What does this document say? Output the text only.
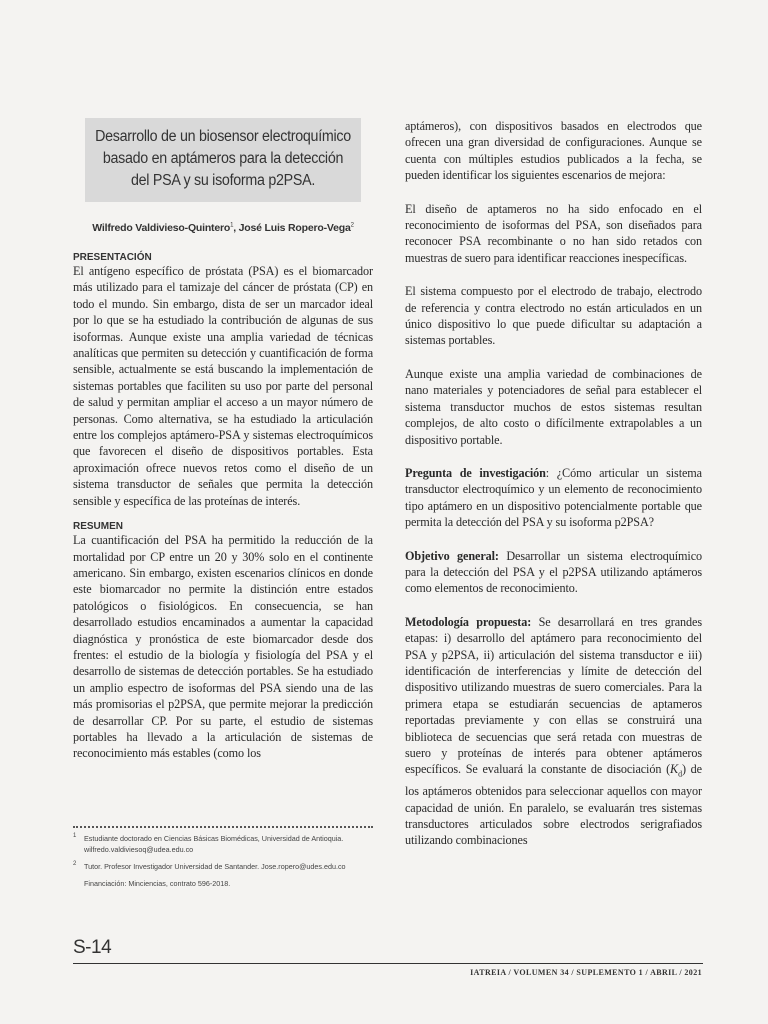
Desarrollo de un biosensor electroquímico basado en aptámeros para la detección del PSA y su isoforma p2PSA.
Wilfredo Valdivieso-Quintero$^1$, José Luis Ropero-Vega$^2$
PRESENTACIÓN

El antígeno específico de próstata (PSA) es el biomarcador más utilizado para el tamizaje del cáncer de próstata (CP) en todo el mundo. Sin embargo, dista de ser un marcador ideal por lo que se ha estudiado la contribución de algunas de sus isoformas. Aunque existe una amplia variedad de técnicas analíticas que permiten su detección y cuantificación de forma sensible, actualmente se está buscando la implementación de sistemas portables que faciliten su uso por parte del personal de salud y permitan ampliar el acceso a un mayor número de personas. Como alternativa, se ha estudiado la articulación entre los complejos aptámero-PSA y sistemas electroquímicos que favorecen el diseño de dispositivos portables. Esta aproximación ofrece nuevos retos como el diseño de un sistema transductor de señales que permita la detección sensible y específica de las proteínas de interés.

RESUMEN

La cuantificación del PSA ha permitido la reducción de la mortalidad por CP entre un 20 y 30% solo en el continente americano. Sin embargo, existen escenarios clínicos en donde este biomarcador no permite la distinción entre estados patológicos o fisiológicos. En consecuencia, se han desarrollado estudios encaminados a aumentar la capacidad diagnóstica y pronóstica de este biomarcador desde dos frentes: el estudio de la biología y fisiología del PSA y el desarrollo de sistemas de detección portables. Se ha estudiado un amplio espectro de isoformas del PSA siendo una de las más promisorias el p2PSA, que permite mejorar la predicción de desarrollar CP. Por su parte, el estudio de sistemas portables ha llevado a la articulación de sistemas de reconocimiento más estables (como los

aptámeros), con dispositivos basados en electrodos que ofrecen una gran diversidad de configuraciones. Aunque se cuenta con múltiples estudios publicados a la fecha, se pueden identificar los siguientes escenarios de mejora:

El diseño de aptameros no ha sido enfocado en el reconocimiento de isoformas del PSA, son diseñados para reconocer PSA recombinante o no han sido retados con muestras de suero para identificar reacciones inespecíficas.

El sistema compuesto por el electrodo de trabajo, electrodo de referencia y contra electrodo no están articulados en un único dispositivo lo que puede dificultar su adaptación a sistemas portables.

Aunque existe una amplia variedad de combinaciones de nano materiales y potenciadores de señal para establecer el sistema transductor muchos de estos sistemas resultan complejos, de alto costo o difícilmente extrapolables a un dispositivo portable.

Pregunta de investigación: ¿Cómo articular un sistema transductor electroquímico y un elemento de reconocimiento tipo aptámero en un dispositivo potencialmente portable que permita la detección del PSA y su isoforma p2PSA?

Objetivo general: Desarrollar un sistema electroquímico para la detección del PSA y el p2PSA utilizando aptámeros como elementos de reconocimiento.

Metodología propuesta: Se desarrollará en tres grandes etapas: i) desarrollo del aptámero para reconocimiento del PSA y p2PSA, ii) articulación del sistema transductor e iii) identificación de interferencias y límite de detección del dispositivo utilizando muestras de suero comerciales. Para la primera etapa se estudiarán secuencias de aptameros reportadas previamente y con ellas se construirá una biblioteca de secuencias que será retada con muestras de suero y proteínas de interés para obtener aptámeros específicos. Se evaluará la constante de disociación $(K_d)$ de los aptámeros obtenidos para seleccionar aquellos con mayor capacidad de unión. En paralelo, se evaluarán tres sistemas transductores articulados sobre electrodos serigrafiados utilizando combinaciones

1 Estudiante doctorado en Ciencias Básicas Biomédicas, Universidad de Antioquia.
wilfredo.valdiviesoq@udea.edu.co
2 Tutor. Profesor Investigador Universidad de Santander. Jose.ropero@udes.edu.co
Financiación: Minciencias, contrato 596-2018.
S-14
IATREIA / VOLUMEN 34 / SUPLEMENTO 1 / ABRIL / 2021
